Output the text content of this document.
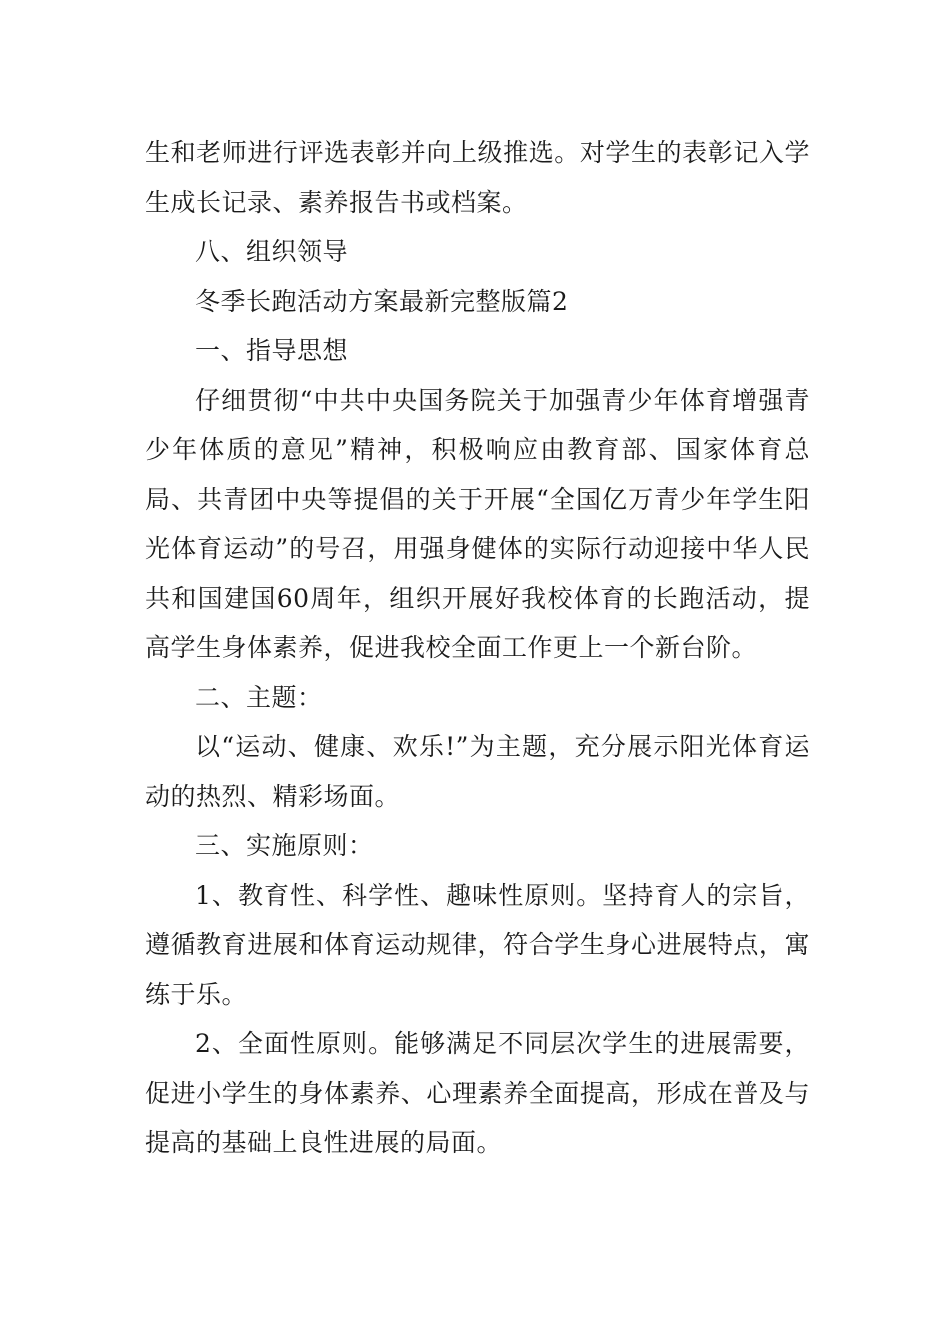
生和老师进行评选表彰并向上级推选。对学生的表彰记入学生成长记录、素养报告书或档案。

八、组织领导

冬季长跑活动方案最新完整版篇2

一、指导思想

仔细贯彻“中共中央国务院关于加强青少年体育增强青少年体质的意见”精神，积极响应由教育部、国家体育总局、共青团中央等提倡的关于开展“全国亿万青少年学生阳光体育运动”的号召，用强身健体的实际行动迎接中华人民共和国建国60周年，组织开展好我校体育的长跑活动，提高学生身体素养，促进我校全面工作更上一个新台阶。

二、主题：

以“运动、健康、欢乐!”为主题，充分展示阳光体育运动的热烈、精彩场面。

三、实施原则：

1、教育性、科学性、趣味性原则。坚持育人的宗旨，遵循教育进展和体育运动规律，符合学生身心进展特点，寓练于乐。

2、全面性原则。能够满足不同层次学生的进展需要，促进小学生的身体素养、心理素养全面提高，形成在普及与提高的基础上良性进展的局面。
